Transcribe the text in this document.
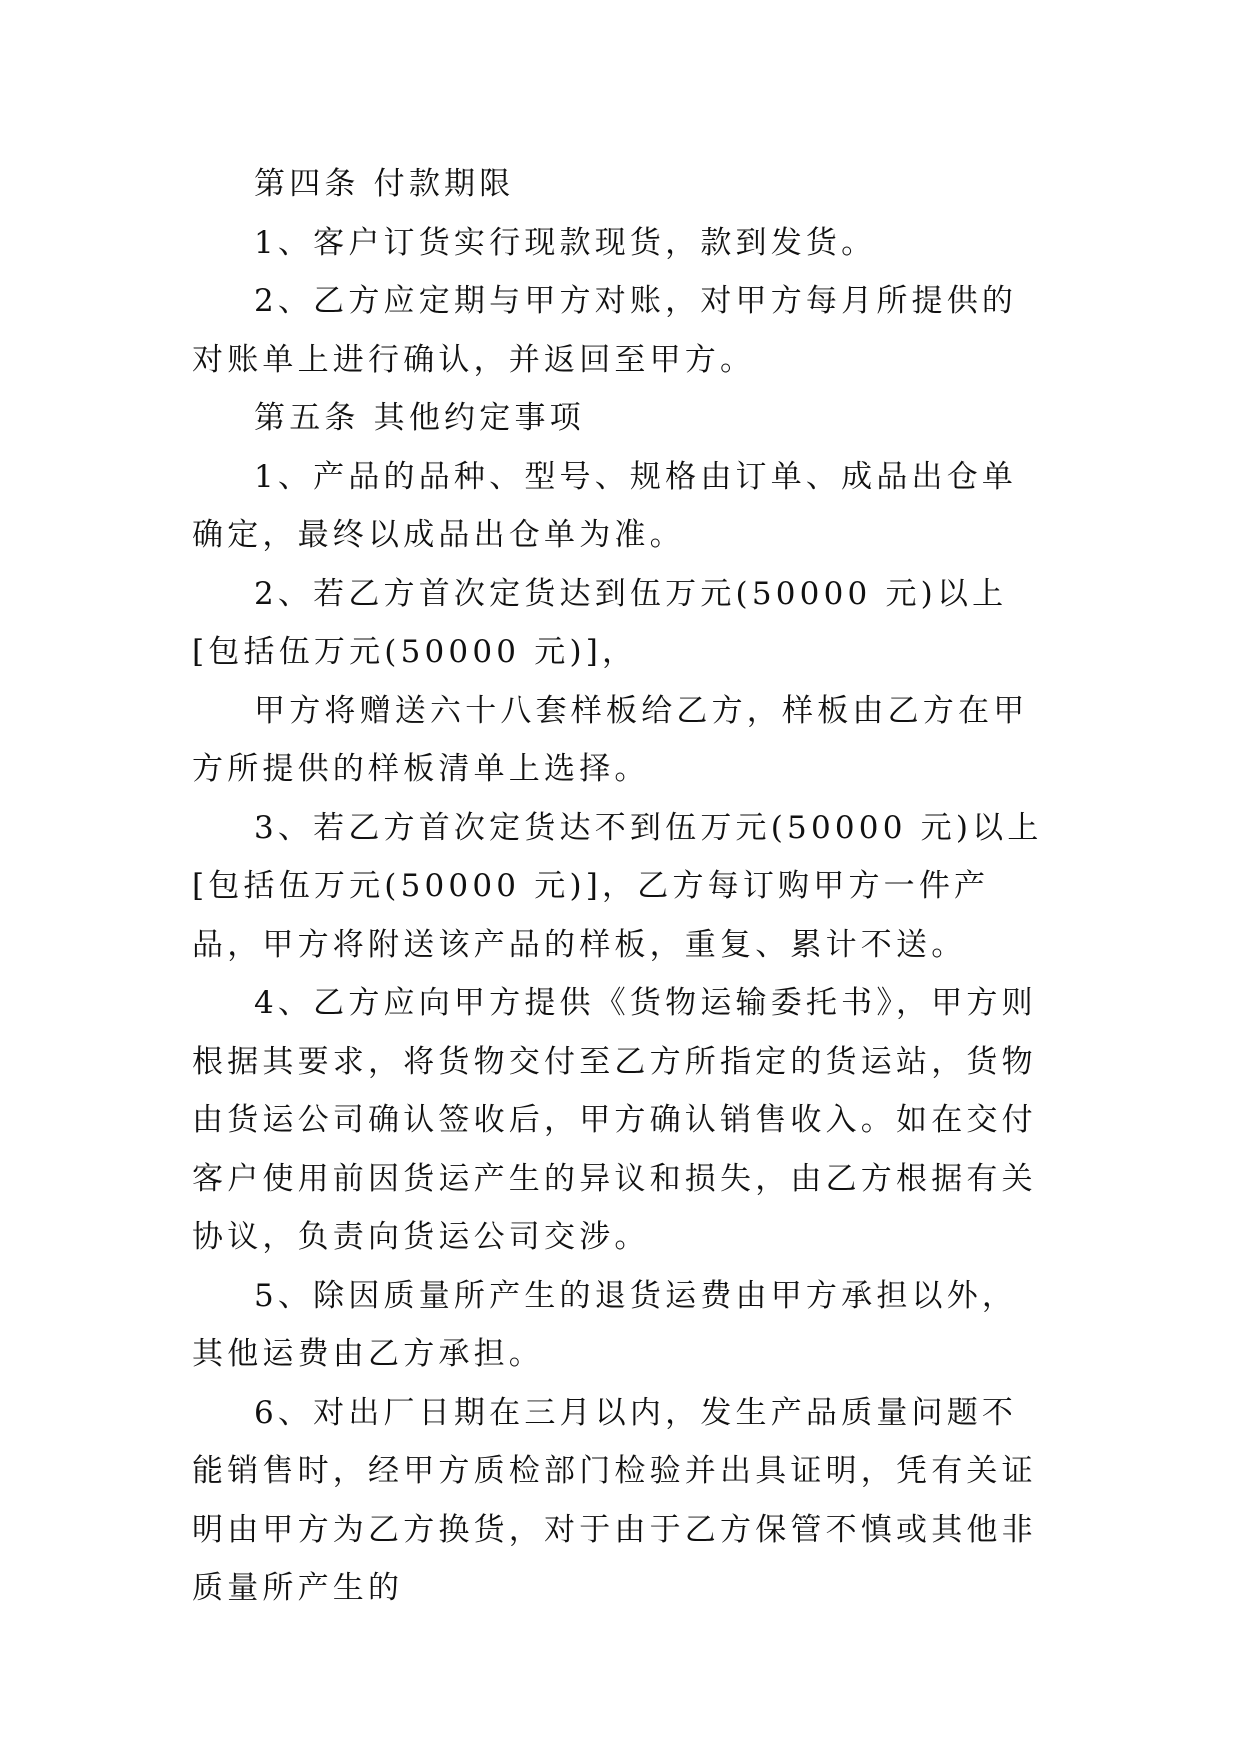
第四条 付款期限

1、客户订货实行现款现货，款到发货。

2、乙方应定期与甲方对账，对甲方每月所提供的对账单上进行确认，并返回至甲方。

第五条 其他约定事项

1、产品的品种、型号、规格由订单、成品出仓单确定，最终以成品出仓单为准。

2、若乙方首次定货达到伍万元(50000 元)以上[包括伍万元(50000 元)]，

甲方将赠送六十八套样板给乙方，样板由乙方在甲方所提供的样板清单上选择。

3、若乙方首次定货达不到伍万元(50000 元)以上[包括伍万元(50000 元)]，乙方每订购甲方一件产品，甲方将附送该产品的样板，重复、累计不送。

4、乙方应向甲方提供《货物运输委托书》，甲方则根据其要求，将货物交付至乙方所指定的货运站，货物由货运公司确认签收后，甲方确认销售收入。如在交付客户使用前因货运产生的异议和损失，由乙方根据有关协议，负责向货运公司交涉。

5、除因质量所产生的退货运费由甲方承担以外，其他运费由乙方承担。

6、对出厂日期在三月以内，发生产品质量问题不能销售时，经甲方质检部门检验并出具证明，凭有关证明由甲方为乙方换货，对于由于乙方保管不慎或其他非质量所产生的
